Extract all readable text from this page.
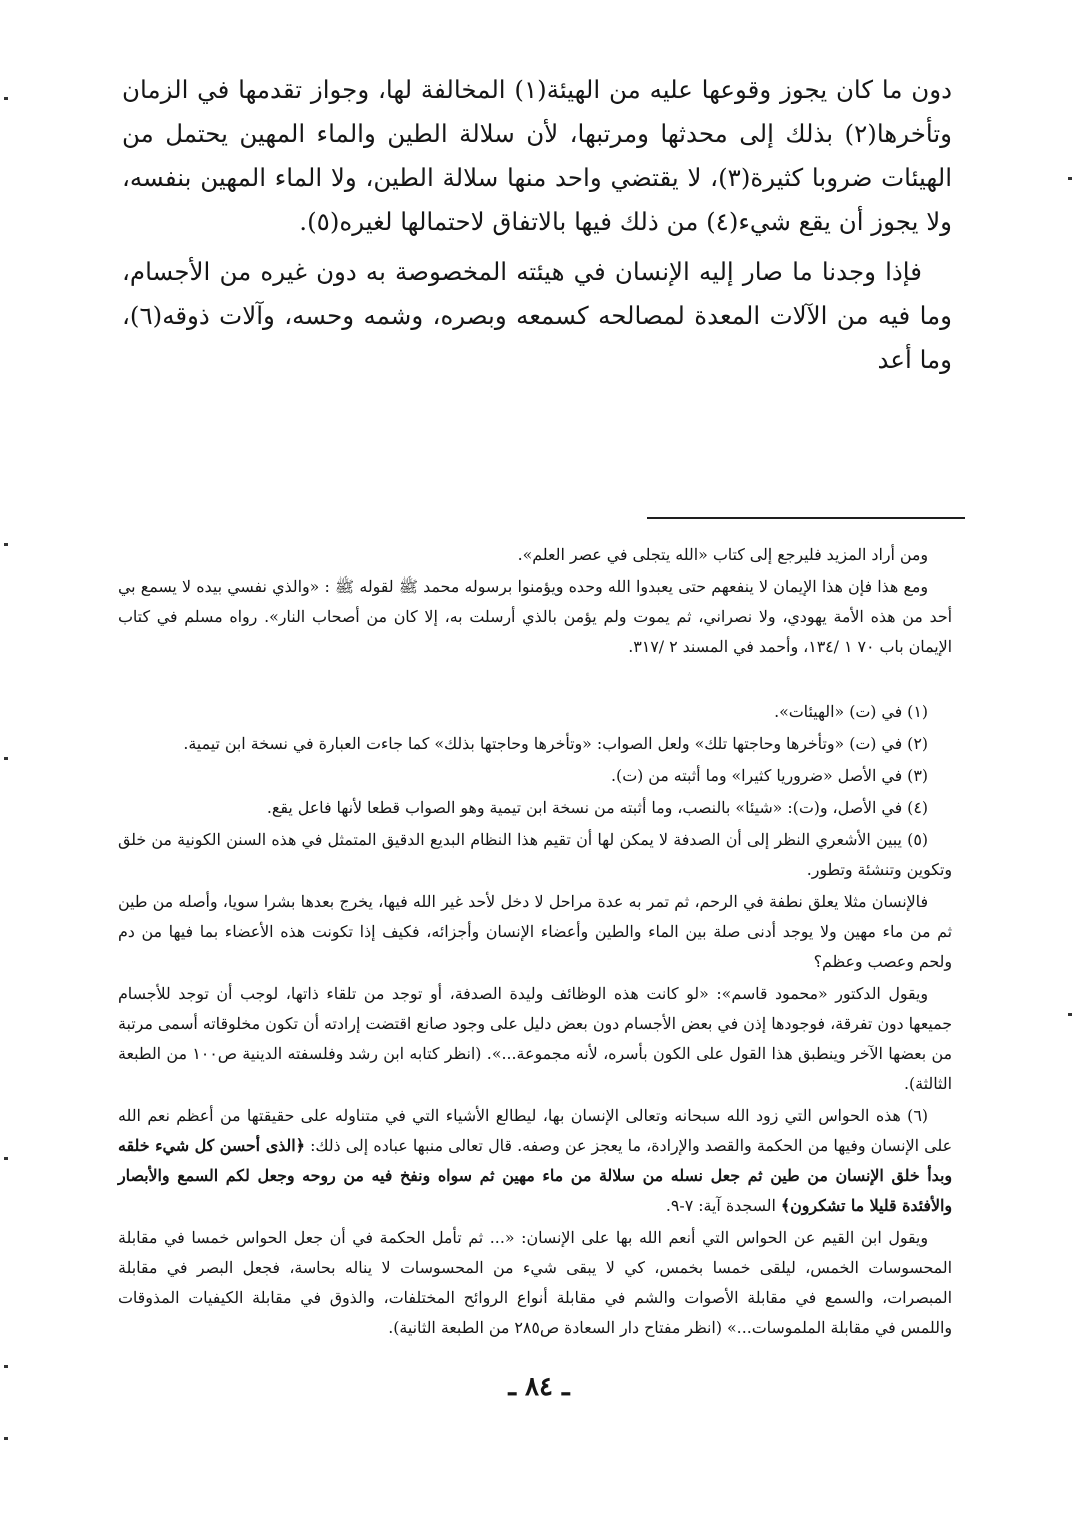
دون ما كان يجوز وقوعها عليه من الهيئة(١) المخالفة لها، وجواز تقدمها في الزمان وتأخرها(٢) بذلك إلى محدثها ومرتبها، لأن سلالة الطين والماء المهين يحتمل من الهيئات ضروبا كثيرة(٣)، لا يقتضي واحد منها سلالة الطين، ولا الماء المهين بنفسه، ولا يجوز أن يقع شيء(٤) من ذلك فيها بالاتفاق لاحتمالها لغيره(٥).

فإذا وجدنا ما صار إليه الإنسان في هيئته المخصوصة به دون غيره من الأجسام، وما فيه من الآلات المعدة لمصالحه كسمعه وبصره، وشمه وحسه، وآلات ذوقه(٦)، وما أعد

ومن أراد المزيد فليرجع إلى كتاب «الله يتجلى في عصر العلم».

ومع هذا فإن هذا الإيمان لا ينفعهم حتى يعبدوا الله وحده ويؤمنوا برسوله محمد ﷺ لقوله ﷺ : «والذي نفسي بيده لا يسمع بي أحد من هذه الأمة يهودي، ولا نصراني، ثم يموت ولم يؤمن بالذي أرسلت به، إلا كان من أصحاب النار». رواه مسلم في كتاب الإيمان باب ٧٠ ١ /١٣٤، وأحمد في المسند ٢ /٣١٧.

(١) في (ت) «الهيئات».

(٢) في (ت) «وتأخرها وحاجتها تلك» ولعل الصواب: «وتأخرها وحاجتها بذلك» كما جاءت العبارة في نسخة ابن تيمية.

(٣) في الأصل «ضروريا كثيرا» وما أثبته من (ت).

(٤) في الأصل، و(ت): «شيئا» بالنصب، وما أثبته من نسخة ابن تيمية وهو الصواب قطعا لأنها فاعل يقع.

(٥) يبين الأشعري النظر إلى أن الصدفة لا يمكن لها أن تقيم هذا النظام البديع الدقيق المتمثل في هذه السنن الكونية من خلق وتكوين وتنشئة وتطور.

فالإنسان مثلا يعلق نطفة في الرحم، ثم تمر به عدة مراحل لا دخل لأحد غير الله فيها، يخرج بعدها بشرا سويا، وأصله من طين ثم من ماء مهين ولا يوجد أدنى صلة بين الماء والطين وأعضاء الإنسان وأجزائه، فكيف إذا تكونت هذه الأعضاء بما فيها من دم ولحم وعصب وعظم؟

ويقول الدكتور «محمود قاسم»: «لو كانت هذه الوظائف وليدة الصدفة، أو توجد من تلقاء ذاتها، لوجب أن توجد للأجسام جميعها دون تفرقة، فوجودها إذن في بعض الأجسام دون بعض دليل على وجود صانع اقتضت إرادته أن تكون مخلوقاته أسمى مرتبة من بعضها الآخر وينطبق هذا القول على الكون بأسره، لأنه مجموعة...». (انظر كتابه ابن رشد وفلسفته الدينية ص١٠٠ من الطبعة الثالثة).

(٦) هذه الحواس التي زود الله سبحانه وتعالى الإنسان بها، ليطالع الأشياء التي في متناوله على حقيقتها من أعظم نعم الله على الإنسان وفيها من الحكمة والقصد والإرادة، ما يعجز عن وصفه. قال تعالى منبها عباده إلى ذلك: ﴿الذى أحسن كل شيء خلقه وبدأ خلق الإنسان من طين ثم جعل نسله من سلالة من ماء مهين ثم سواه ونفخ فيه من روحه وجعل لكم السمع والأبصار والأفئدة قليلا ما تشكرون﴾ السجدة آية: ٧-٩.

ويقول ابن القيم عن الحواس التي أنعم الله بها على الإنسان: «... ثم تأمل الحكمة في أن جعل الحواس خمسا في مقابلة المحسوسات الخمس، ليلقى خمسا بخمس، كي لا يبقى شيء من المحسوسات لا يناله بحاسة، فجعل البصر في مقابلة المبصرات، والسمع في مقابلة الأصوات والشم في مقابلة أنواع الروائح المختلفات، والذوق في مقابلة الكيفيات المذوقات واللمس في مقابلة الملموسات...» (انظر مفتاح دار السعادة ص٢٨٥ من الطبعة الثانية).

ـ ٨٤ ـ
